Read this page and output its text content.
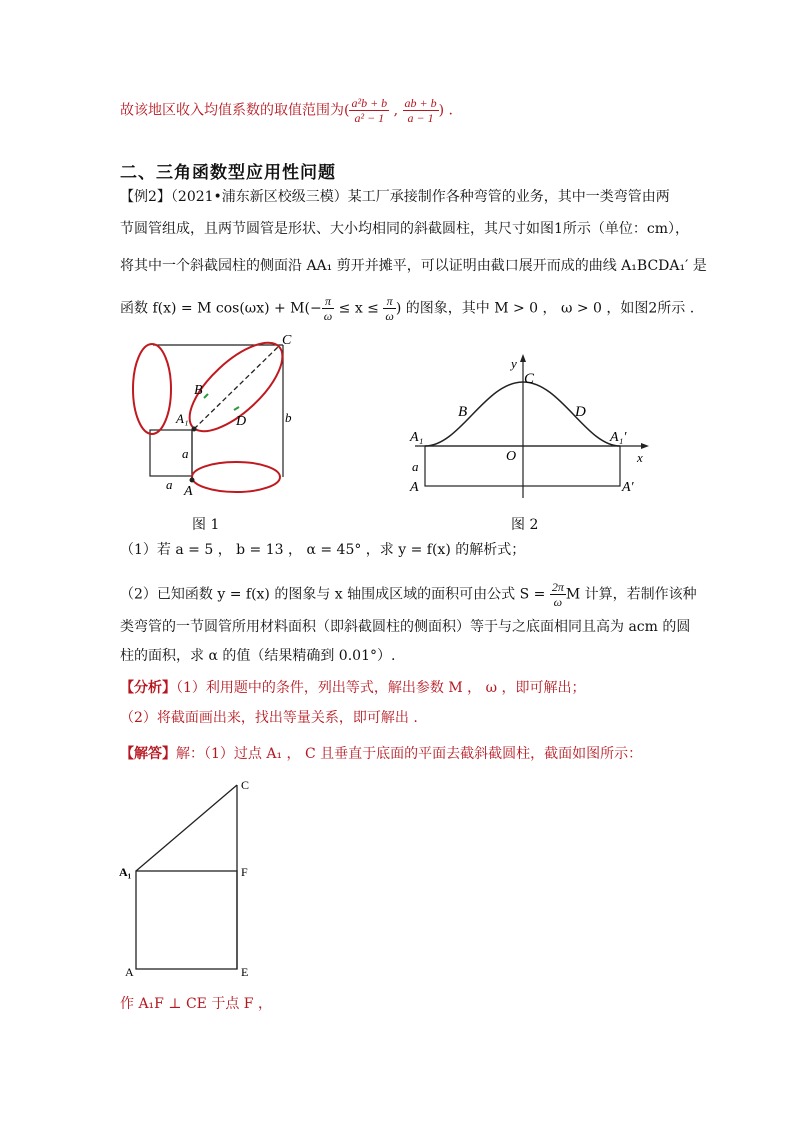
故该地区收入均值系数的取值范围为( $\frac{\text{a²b + b}}{\text{a² − 1}}$ , $\frac{ab + b}{a - 1}$ ) .
二、三角函数型应用性问题
【例2】（2021•浦东新区校级三模）某工厂承接制作各种弯管的业务，其中一类弯管由两
节圆管组成，且两节圆管是形状、大小均相同的斜截圆柱，其尺寸如图1所示（单位：cm），
将其中一个斜截园柱的侧面沿 AA₁ 剪开并摊平，可以证明由截口展开而成的曲线 A₁BCDA₁′ 是
函数 f(x) = M $\cos(\omega x) + M(- \frac{\pi}{\omega} \le x \le \frac{\pi}{\omega}$ ) 的图象，其中 M > 0 ， ω > 0 ，如图2所示 .
C
B
A₁	D	b
a
a A
图 1
y
C
B	D
A₁	A₁′
O	x
a
A	A′
图 2
（1）若 a = 5 ， b = 13 ， α = 45° ，求 y = f(x) 的解析式；
（2）已知函数 y = f(x) 的图象与 x 轴围成区域的面积可由公式 $S = \frac{2\pi}{\omega}$ M 计算，若制作该种
类弯管的一节圆管所用材料面积（即斜截圆柱的侧面积）等于与之底面相同且高为 acm 的圆
柱的面积，求 α 的值（结果精确到 0.01°）.
【分析】（1）利用题中的条件，列出等式，解出参数 M ， ω ，即可解出；
（2）将截面画出来，找出等量关系，即可解出 .
【解答】解：（1）过点 A₁ ， C 且垂直于底面的平面去截斜截圆柱，截面如图所示：
C
A₁	F
A	E
作 A₁F ⊥ CE 于点 F ，
